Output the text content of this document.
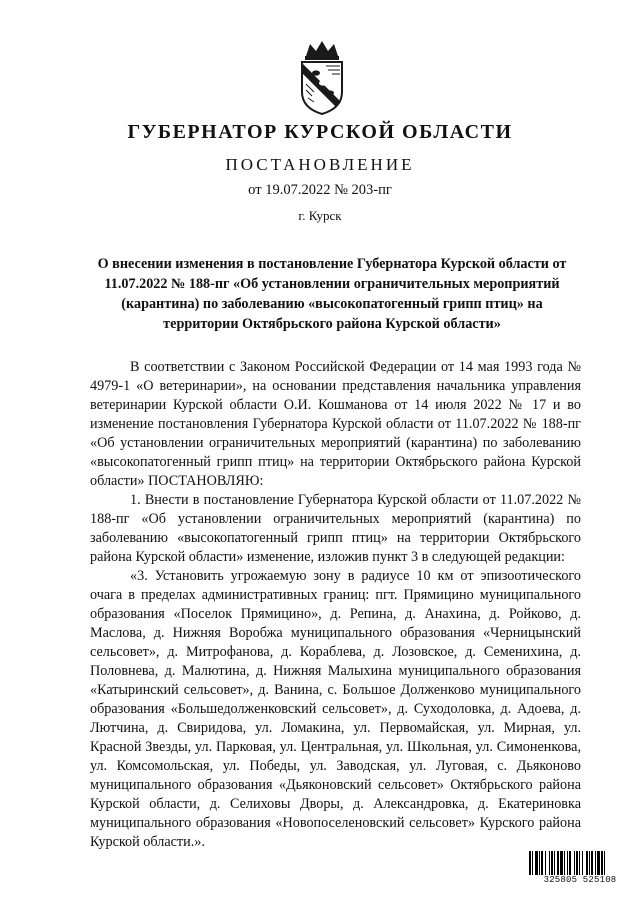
ГУБЕРНАТОР КУРСКОЙ ОБЛАСТИ
ПОСТАНОВЛЕНИЕ
от 19.07.2022 № 203-пг
г. Курск
О внесении изменения в постановление Губернатора Курской области от 11.07.2022 № 188-пг «Об установлении ограничительных мероприятий (карантина) по заболеванию «высокопатогенный грипп птиц» на территории Октябрьского района Курской области»

В соответствии с Законом Российской Федерации от 14 мая 1993 года № 4979-1 «О ветеринарии», на основании представления начальника управления ветеринарии Курской области О.И. Кошманова от 14 июля 2022 № 17 и во изменение постановления Губернатора Курской области от 11.07.2022 № 188-пг «Об установлении ограничительных мероприятий (карантина) по заболеванию «высокопатогенный грипп птиц» на территории Октябрьского района Курской области» ПОСТАНОВЛЯЮ:

1. Внести в постановление Губернатора Курской области от 11.07.2022 № 188-пг «Об установлении ограничительных мероприятий (карантина) по заболеванию «высокопатогенный грипп птиц» на территории Октябрьского района Курской области» изменение, изложив пункт 3 в следующей редакции:

«3. Установить угрожаемую зону в радиусе 10 км от эпизоотического очага в пределах административных границ: пгт. Прямицино муниципального образования «Поселок Прямицино», д. Репина, д. Анахина, д. Ройково, д. Маслова, д. Нижняя Воробжа муниципального образования «Черницынский сельсовет», д. Митрофанова, д. Кораблева, д. Лозовское, д. Семенихина, д. Половнева, д. Малютина, д. Нижняя Малыхина муниципального образования «Катыринский сельсовет», д. Ванина, с. Большое Долженково муниципального образования «Большедолженковский сельсовет», д. Суходоловка, д. Адоева, д. Лютчина, д. Свиридова, ул. Ломакина, ул. Первомайская, ул. Мирная, ул. Красной Звезды, ул. Парковая, ул. Центральная, ул. Школьная, ул. Симоненкова, ул. Комсомольская, ул. Победы, ул. Заводская, ул. Луговая, с. Дьяконово муниципального образования «Дьяконовский сельсовет» Октябрьского района Курской области, д. Селиховы Дворы, д. Александровка, д. Екатериновка муниципального образования «Новопоселеновский сельсовет» Курского района Курской области.».

325805 525108
